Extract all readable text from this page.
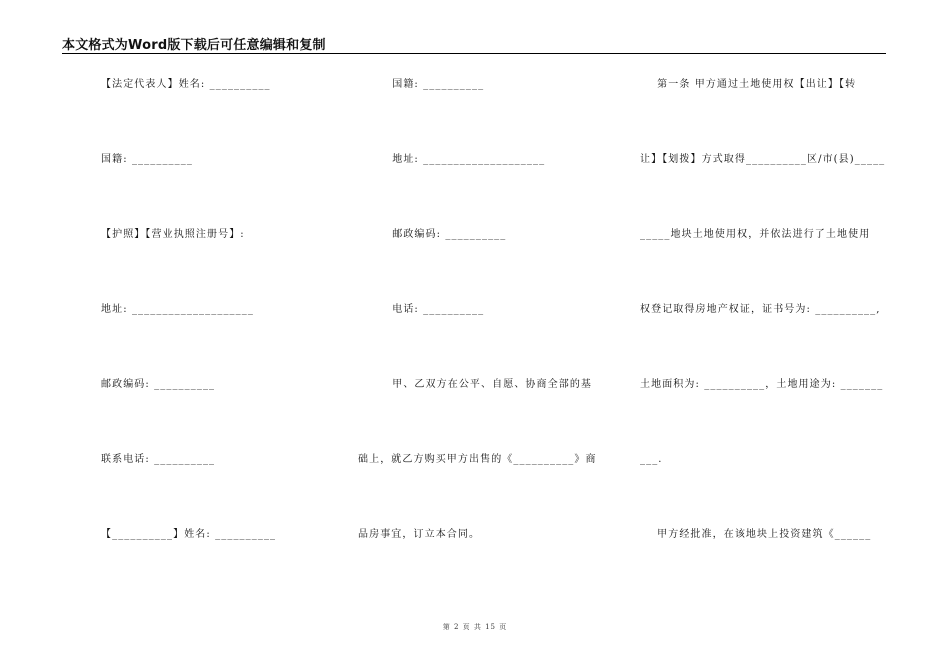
本文格式为Word版下载后可任意编辑和复制
【法定代表人】姓名: __________
国籍: __________
【护照】【营业执照注册号】:
地址: ____________________
邮政编码: __________
联系电话: __________
【__________】姓名: __________
国籍: __________
地址: ____________________
邮政编码: __________
电话: __________
甲、乙双方在公平、自愿、协商全部的基
础上，就乙方购买甲方出售的《__________》商
品房事宜，订立本合同。
第一条 甲方通过土地使用权【出让】【转
让】【划拨】方式取得__________区/市(县)_____
_____地块土地使用权，并依法进行了土地使用
权登记取得房地产权证，证书号为: __________,
土地面积为: __________，土地用途为: _______
___.
甲方经批准，在该地块上投资建筑《______
第 2 页 共 15 页
